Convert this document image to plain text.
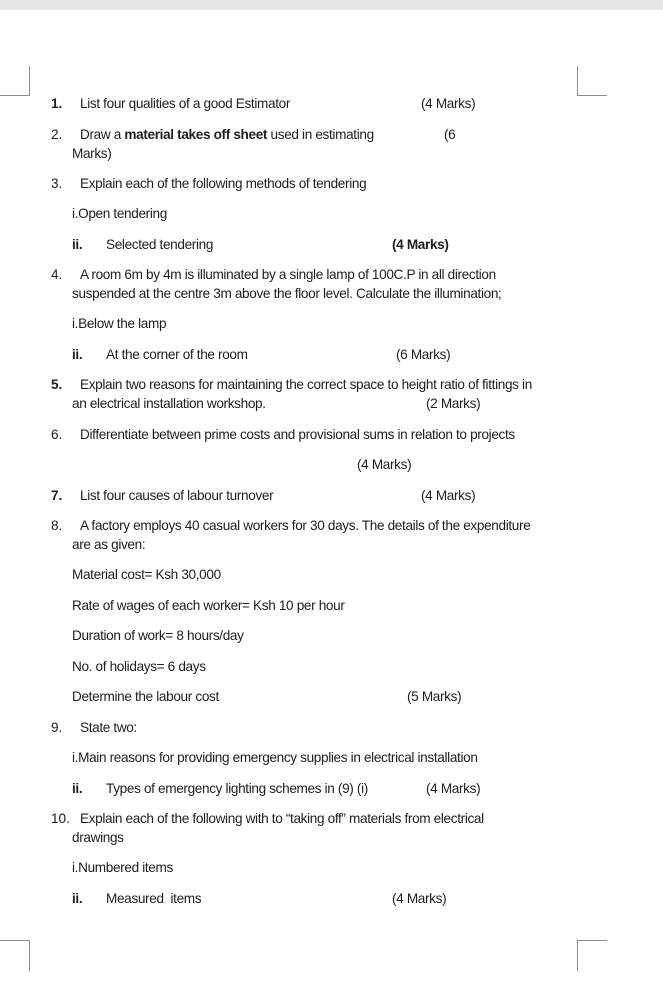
1. List four qualities of a good Estimator	(4 Marks)
2. Draw a material takes off sheet used in estimating	(6
Marks)
3. Explain each of the following methods of tendering
i.Open tendering
ii. Selected tendering	(4 Marks)
4. A room 6m by 4m is illuminated by a single lamp of 100C.P in all direction
suspended at the centre 3m above the floor level. Calculate the illumination;
i.Below the lamp
ii. At the corner of the room	(6 Marks)
5. Explain two reasons for maintaining the correct space to height ratio of fittings in
an electrical installation workshop.	(2 Marks)
6. Differentiate between prime costs and provisional sums in relation to projects
(4 Marks)
7. List four causes of labour turnover	(4 Marks)
8. A factory employs 40 casual workers for 30 days. The details of the expenditure
are as given:
Material cost= Ksh 30,000
Rate of wages of each worker= Ksh 10 per hour
Duration of work= 8 hours/day
No. of holidays= 6 days
Determine the labour cost	(5 Marks)
9. State two:
i.Main reasons for providing emergency supplies in electrical installation
ii. Types of emergency lighting schemes in (9) (i)	(4 Marks)
10. Explain each of the following with to “taking off” materials from electrical
drawings
i.Numbered items
ii. Measured  items	(4 Marks)
